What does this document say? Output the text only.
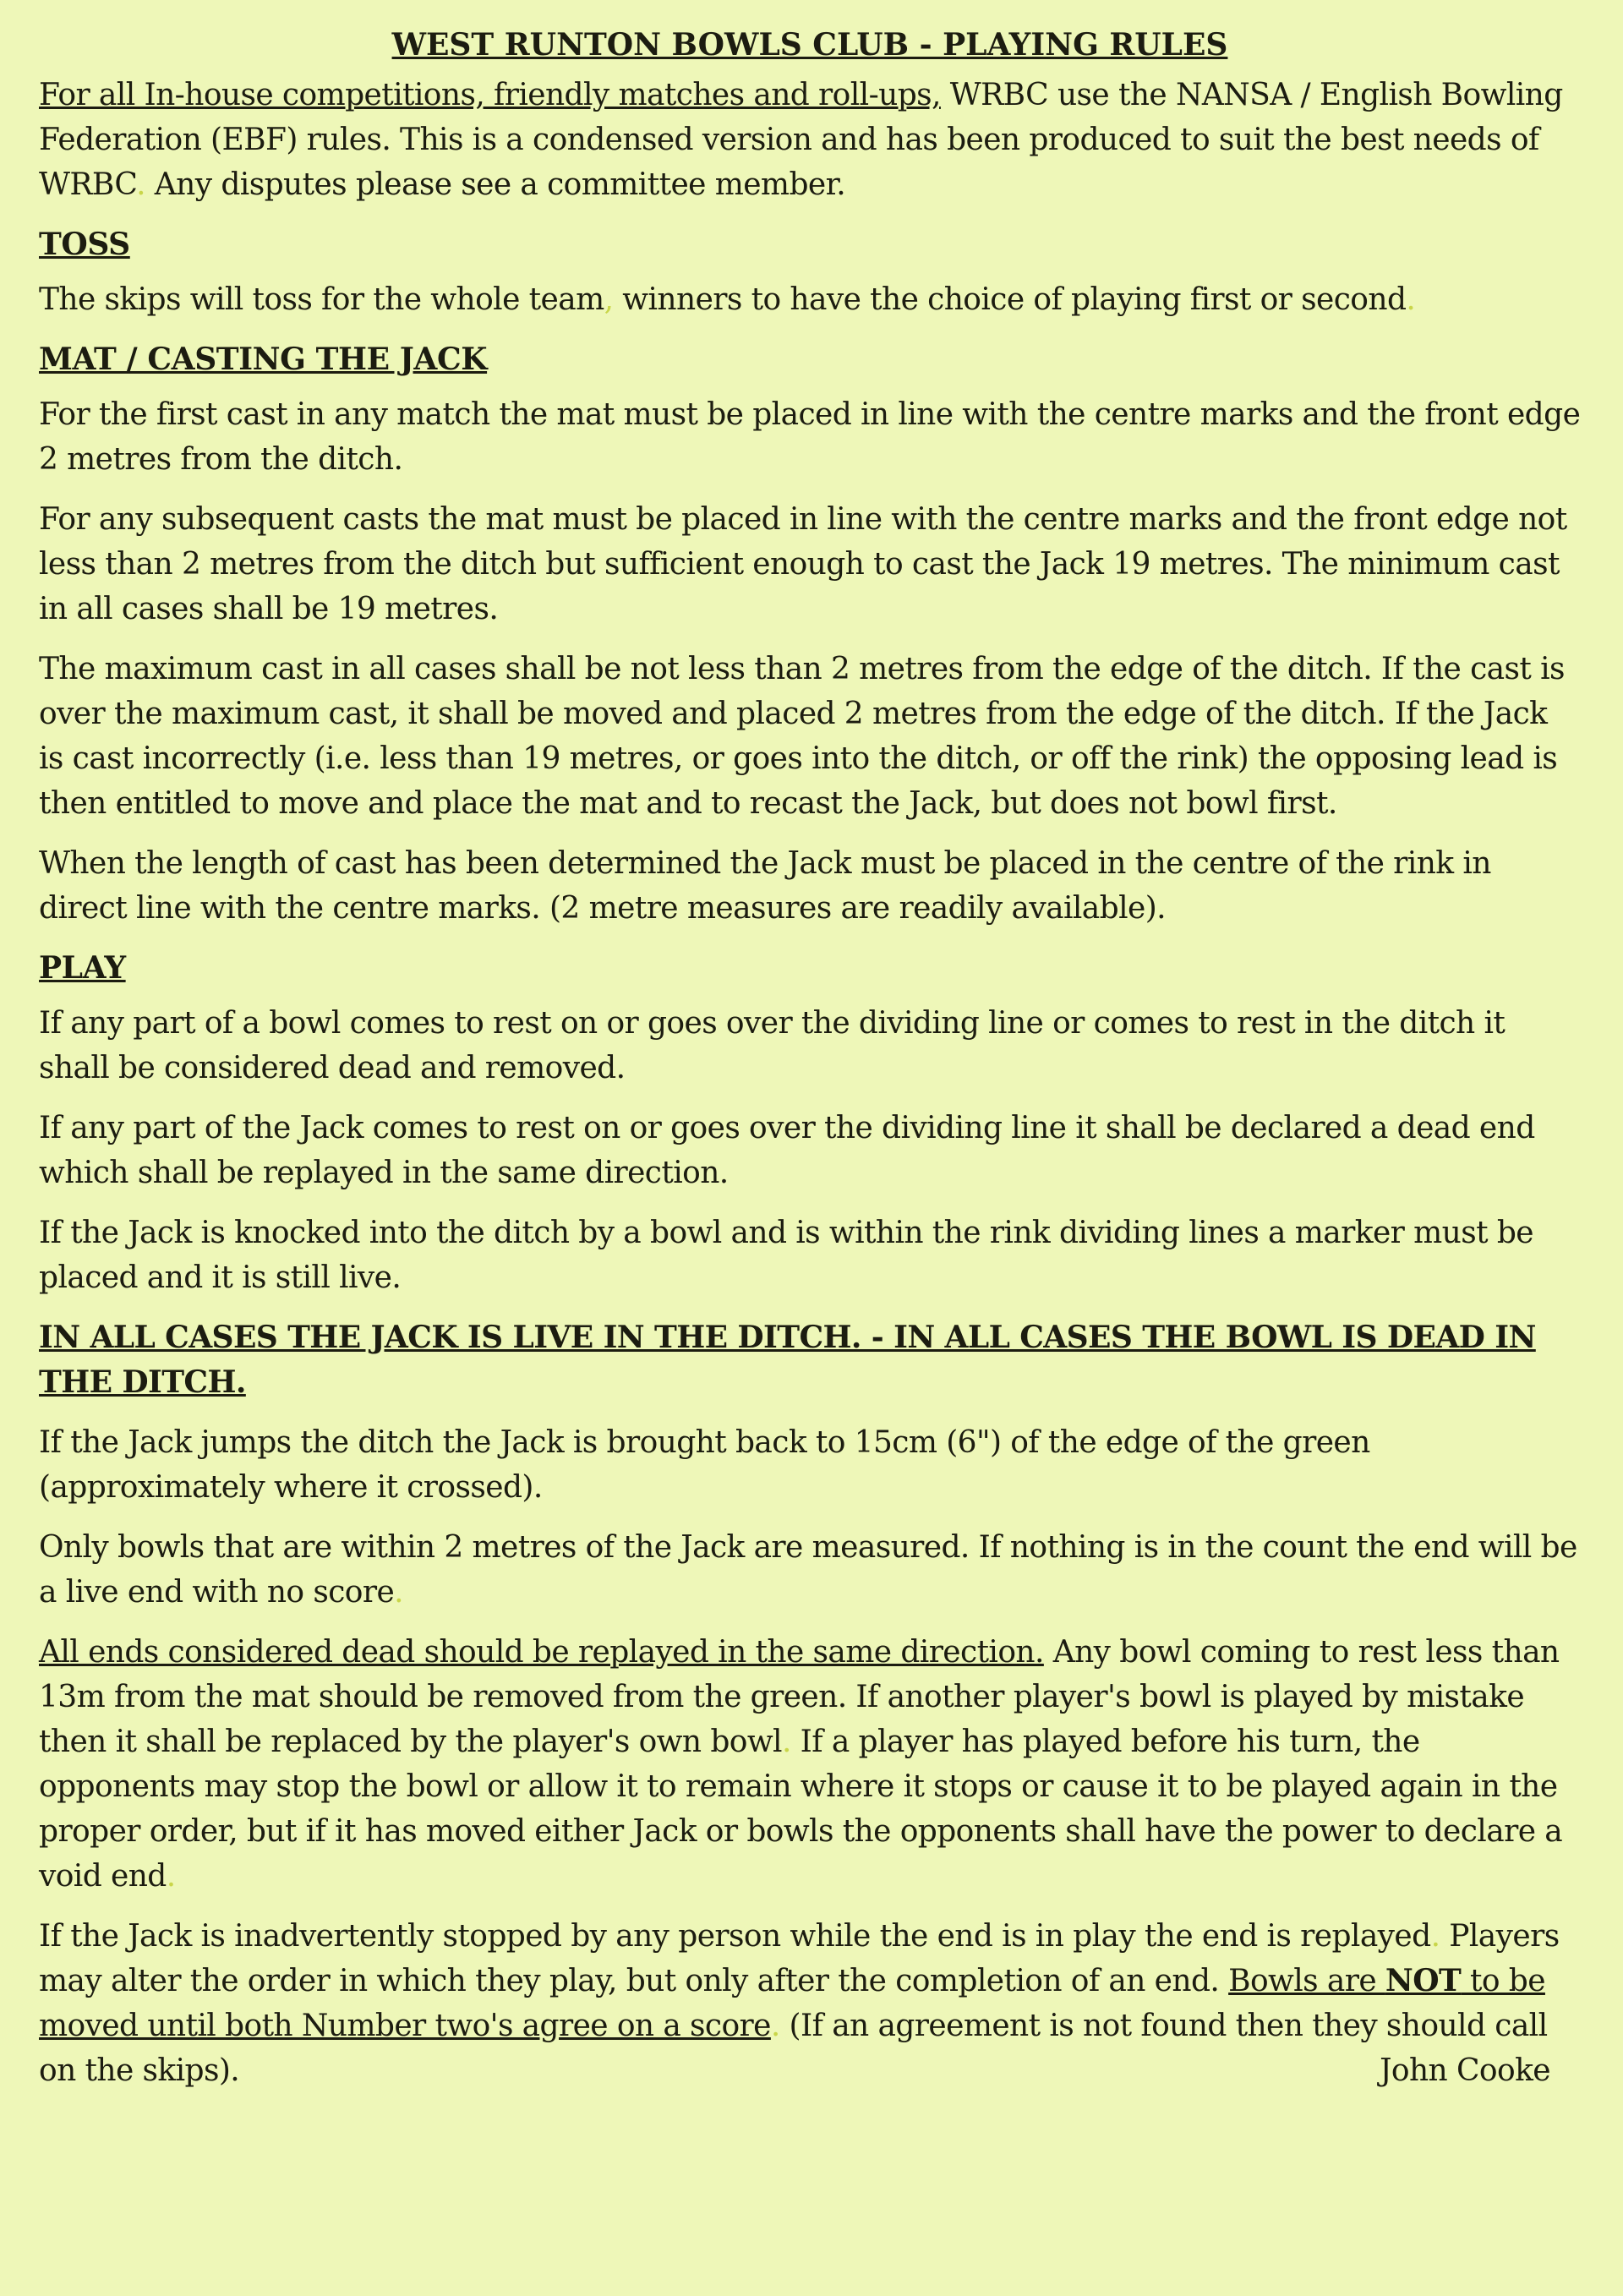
WEST RUNTON BOWLS CLUB - PLAYING RULES

For all In-house competitions, friendly matches and roll-ups, WRBC use the NANSA / English Bowling Federation (EBF) rules. This is a condensed version and has been produced to suit the best needs of WRBC. Any disputes please see a committee member.

TOSS

The skips will toss for the whole team, winners to have the choice of playing first or second.

MAT / CASTING THE JACK

For the first cast in any match the mat must be placed in line with the centre marks and the front edge 2 metres from the ditch.

For any subsequent casts the mat must be placed in line with the centre marks and the front edge not less than 2 metres from the ditch but sufficient enough to cast the Jack 19 metres. The minimum cast in all cases shall be 19 metres.

The maximum cast in all cases shall be not less than 2 metres from the edge of the ditch. If the cast is over the maximum cast, it shall be moved and placed 2 metres from the edge of the ditch. If the Jack is cast incorrectly (i.e. less than 19 metres, or goes into the ditch, or off the rink) the opposing lead is then entitled to move and place the mat and to recast the Jack, but does not bowl first.

When the length of cast has been determined the Jack must be placed in the centre of the rink in direct line with the centre marks. (2 metre measures are readily available).

PLAY

If any part of a bowl comes to rest on or goes over the dividing line or comes to rest in the ditch it shall be considered dead and removed.

If any part of the Jack comes to rest on or goes over the dividing line it shall be declared a dead end which shall be replayed in the same direction.

If the Jack is knocked into the ditch by a bowl and is within the rink dividing lines a marker must be placed and it is still live.

IN ALL CASES THE JACK IS LIVE IN THE DITCH. - IN ALL CASES THE BOWL IS DEAD IN THE DITCH.

If the Jack jumps the ditch the Jack is brought back to 15cm (6") of the edge of the green (approximately where it crossed).

Only bowls that are within 2 metres of the Jack are measured. If nothing is in the count the end will be a live end with no score.

All ends considered dead should be replayed in the same direction. Any bowl coming to rest less than 13m from the mat should be removed from the green. If another player's bowl is played by mistake then it shall be replaced by the player's own bowl. If a player has played before his turn, the opponents may stop the bowl or allow it to remain where it stops or cause it to be played again in the proper order, but if it has moved either Jack or bowls the opponents shall have the power to declare a void end.

If the Jack is inadvertently stopped by any person while the end is in play the end is replayed. Players may alter the order in which they play, but only after the completion of an end. Bowls are NOT to be moved until both Number two's agree on a score. (If an agreement is not found then they should call on the skips).	John Cooke
